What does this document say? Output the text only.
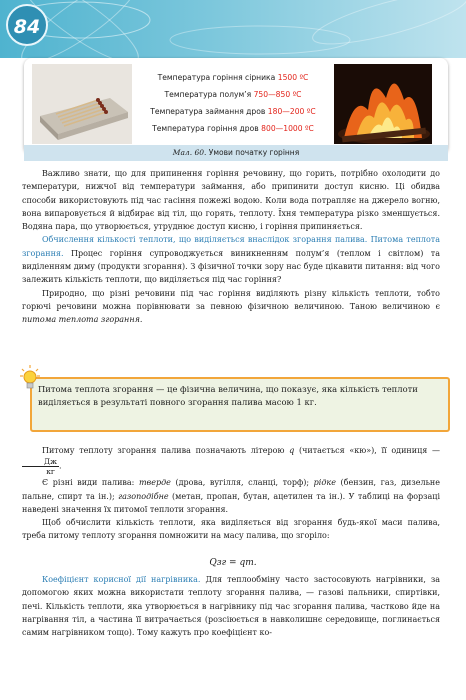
84
Температура горіння сірника 1500 ºС
Температура полум’я 750—850 ºС
Температура займання дров 180—200 ºС
Температура горіння дров 800—1000 ºС
Мал. 60. Умови початку горіння

Важливо знати, що для припинення горіння речовину, що горить, потрібно охолодити до температури, нижчої від температури займання, або припинити доступ кисню. Ці обидва способи використовують під час гасіння пожежі водою. Коли вода потрапляє на джерело вогню, вона випаровується й відбирає від тіл, що горять, теплоту. Їхня температура різко зменшується. Водяна пара, що утворюється, утруднює доступ кисню, і горіння припиняється.

Обчислення кількості теплоти, що виділяється внаслідок згорання палива. Питома теплота згорання. Процес горіння супроводжується виникненням полум’я (теплом і світлом) та виділенням диму (продукти згорання). З фізичної точки зору нас буде цікавити питання: від чого залежить кількість теплоти, що виділяється під час горіння?

Природно, що різні речовини під час горіння виділяють різну кількість теплоти, тобто горючі речовини можна порівнювати за певною фізичною величиною. Таною величиною є питома теплота згорання.

Питома теплота згорання — це фізична величина, що показує, яка кількість теплоти виділяється в результаті повного згорання палива масою 1 кг.

Питому теплоту згорання палива позначають літерою q (читається «кю»), її одиниця —
$\frac{Дж}{кг}$ .

Є різні види палива: тверде (дрова, вугілля, сланці, торф); рідке (бензин, газ, дизельне пальне, спирт та ін.); газоподібне (метан, пропан, бутан, ацетилен та ін.). У таблиці на форзаці наведені значення їх питомої теплоти згорання.

Щоб обчислити кількість теплоти, яка виділяється від згорання будь-якої маси палива, треба питому теплоту згорання помножити на масу палива, що згоріло:

Qзг = qm.

Коефіцієнт корисної дії нагрівника. Для теплообміну часто застосовують нагрівники, за допомогою яких можна використати теплоту згорання палива, — газові пальники, спиртівки, печі. Кількість теплоти, яка утворюється в нагрівнику під час згорання палива, частково йде на нагрівання тіл, а частина її витрачається (розсіюється в навколишнє середовище, поглинається самим нагрівником тощо). Тому кажуть про коефіцієнт ко-
